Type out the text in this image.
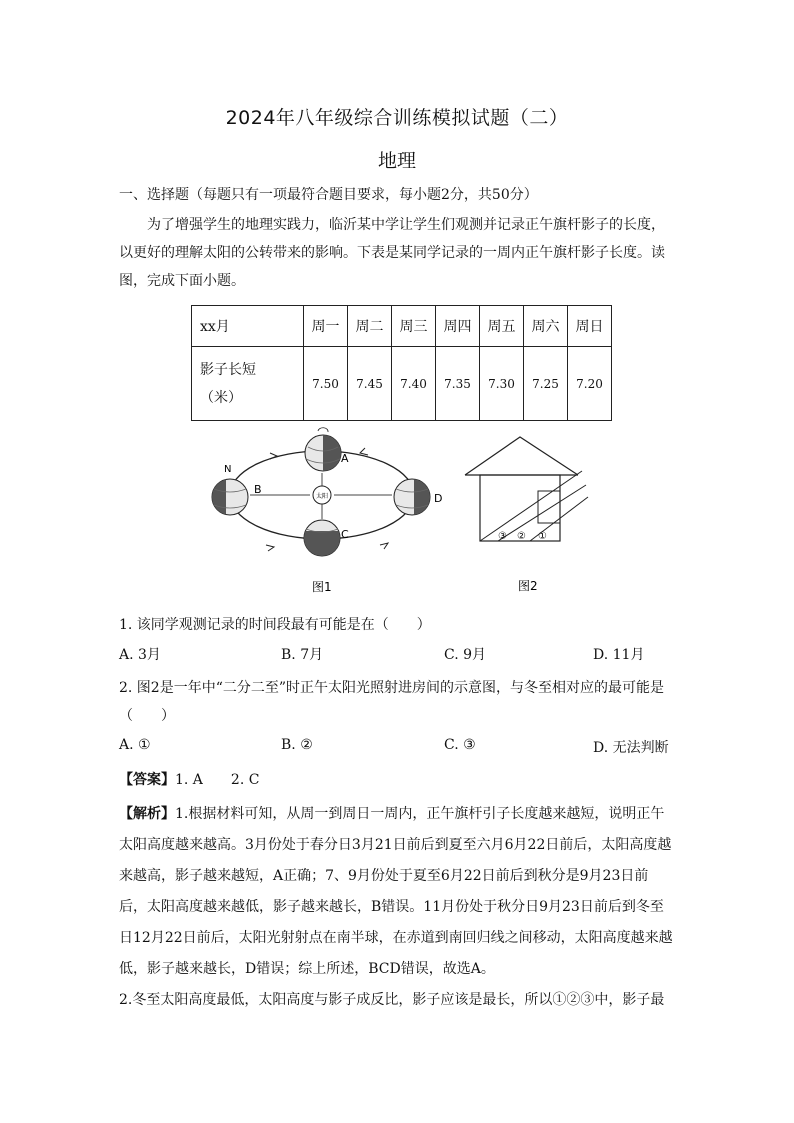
2024年八年级综合训练模拟试题（二）
地理

一、选择题（每题只有一项最符合题目要求，每小题2分，共50分）

为了增强学生的地理实践力，临沂某中学让学生们观测并记录正午旗杆影子的长度，以更好的理解太阳的公转带来的影响。下表是某同学记录的一周内正午旗杆影子长度。读图，完成下面小题。

xx月	周一	周二	周三	周四	周五	周六	周日

影子长短
（米）	7.50	7.45	7.40	7.35	7.30	7.25	7.20
太阳
A
N
B
C
D
图1
③ ② ①
图2

1. 该同学观测记录的时间段最有可能是在（　　）

A. 3月	B. 7月	C. 9月	D. 11月

2. 图2是一年中“二分二至”时正午太阳光照射进房间的示意图，与冬至相对应的最可能是（　　）

A. ①	B. ②	C. ③	D. 无法判断

【答案】1. A　　2. C

【解析】1.根据材料可知，从周一到周日一周内，正午旗杆引子长度越来越短，说明正午太阳高度越来越高。3月份处于春分日3月21日前后到夏至六月6月22日前后，太阳高度越来越高，影子越来越短，A正确；7、9月份处于夏至6月22日前后到秋分是9月23日前后，太阳高度越来越低，影子越来越长，B错误。11月份处于秋分日9月23日前后到冬至日12月22日前后，太阳光射射点在南半球，在赤道到南回归线之间移动，太阳高度越来越低，影子越来越长，D错误；综上所述，BCD错误，故选A。

2.冬至太阳高度最低，太阳高度与影子成反比，影子应该是最长，所以①②③中，影子最
